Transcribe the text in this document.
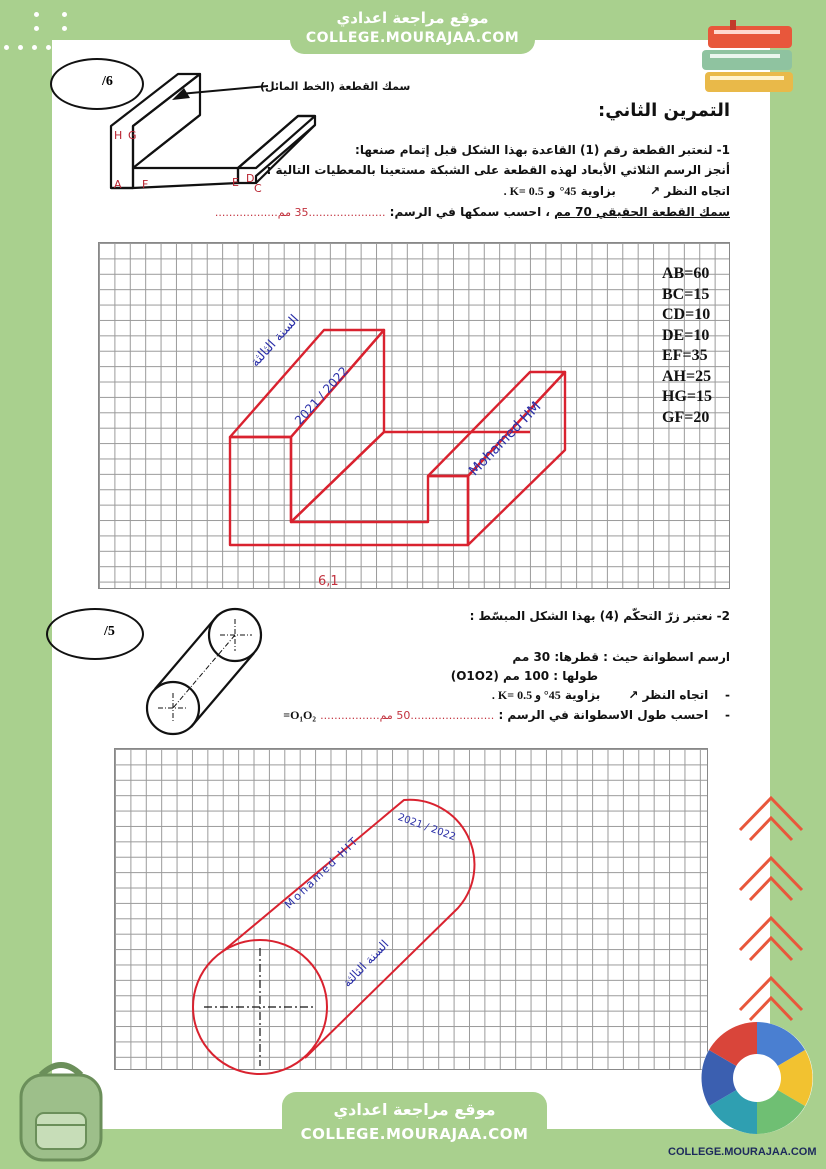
موقع مراجعة اعدادي
COLLEGE.MOURAJAA.COM
التمرين الثاني:
/6	سمك القطعة (الخط المائل)
H G
A F	E D
C
1- لنعتبر القطعة رقم (1) القاعدة بهذا الشكل قبل إتمام صنعها:
أنجز الرسم الثلاثي الأبعاد لهذه القطعة على الشبكة مستعينا بالمعطيات التالية :
اتجاه النظر ↗ بزاوية 45° و K= 0.5 .
سمك القطعة الحقيقي 70 مم ، احسب سمكها في الرسم: ......................35 مم..................
السنة الثالثة
2021 / 2022
Mohamed HM
6,1
AB=60
BC=15
CD=10
DE=10
EF=35
AH=25
HG=15
GF=20
/5
2- نعتبر زرّ التحكّم (4) بهذا الشكل المبسّط :
ارسم اسطوانة حيث : قطرها: 30 مم
طولها : 100 مم (O1O2)
-    اتجاه النظر ↗ بزاوية 45° و K= 0.5 .
-    احسب طول الاسطوانة في الرسم : ........................50 مم................. O₁O₂=
Mohamed HIT
السنة الثالثة
2021 / 2022
COLLEGE.MOURAJAA.COM
موقع مراجعة اعدادي
COLLEGE.MOURAJAA.COM
